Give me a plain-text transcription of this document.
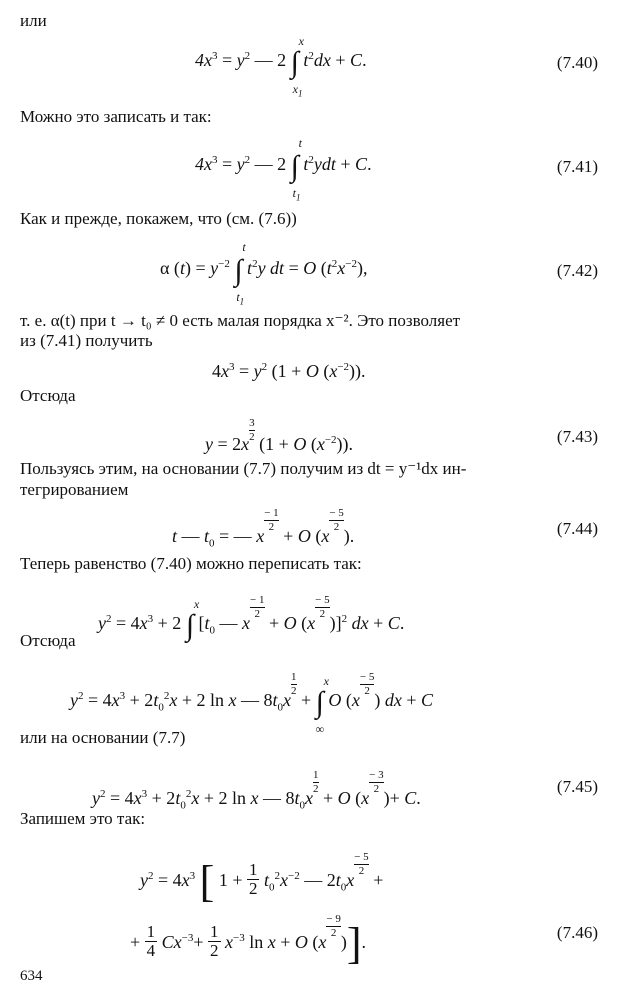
или
$4x^3 = y^2$ — 2 ∫
x
$x_1$
$t^2dx + C$.	(7.40)
Можно это записать и так:
$4x^3 = y^2$ — 2 ∫
t
$t_1$
$t^2ydt + C$.	(7.41)
Как и прежде, покажем, что (см. (7.6))
α $(t) = y^{-2}$ ∫
t
$t_1$
$t^2y$ dt = O $(t^2x^{-2})$,	(7.42)
т. е. α(t) при t → t₀ ≠ 0 есть малая порядка x⁻². Это позволяет
из (7.41) получить
$4x^3 = y^2$ (1 + O $(x^{-2})$).
Отсюда
y = 2x
$\frac{3}{2}$
(1 + O $(x^{-2})$).	(7.43)
Пользуясь этим, на основании (7.7) получим из dt = y⁻¹dx ин-
тегрированием
t — $t_0$ = — x
$\frac{- 1}{2}$
+ O (x
$\frac{- 5}{2}$
).	(7.44)
Теперь равенство (7.40) можно переписать так:
$y^2 = 4x^3 + 2$ ∫
x
[$t_0$ — x
$\frac{- 1}{2}$
+ O (x
$\frac{- 5}{2}$
)]$^2$ dx + C.
Отсюда
$y^2 = 4x^3 + 2t_0^2x + 2$ ln x — $8t_0x$
$\frac{1}{2}$
+ ∫
x
∞
O (x
$\frac{- 5}{2}$
) dx + C
или на основании (7.7)
$y^2 = 4x^3 + 2t_0^2x + 2$ ln x — $8t_0x$
$\frac{1}{2}$
+ O (x
$\frac{- 3}{2}$
)+ C.
(7.45)
Запишем это так:
$y^2 = 4x^3$ [ $1 + \frac{1}{2} t_0^2x^{-2}$ — $2t_0x$
$\frac{- 5}{2}$
+
+ $\frac{1}{4} Cx^{-3}+ \frac{1}{2} x^{-3}$ ln x + O (x
$\frac{- 9}{2}$
)].	(7.46)
634
